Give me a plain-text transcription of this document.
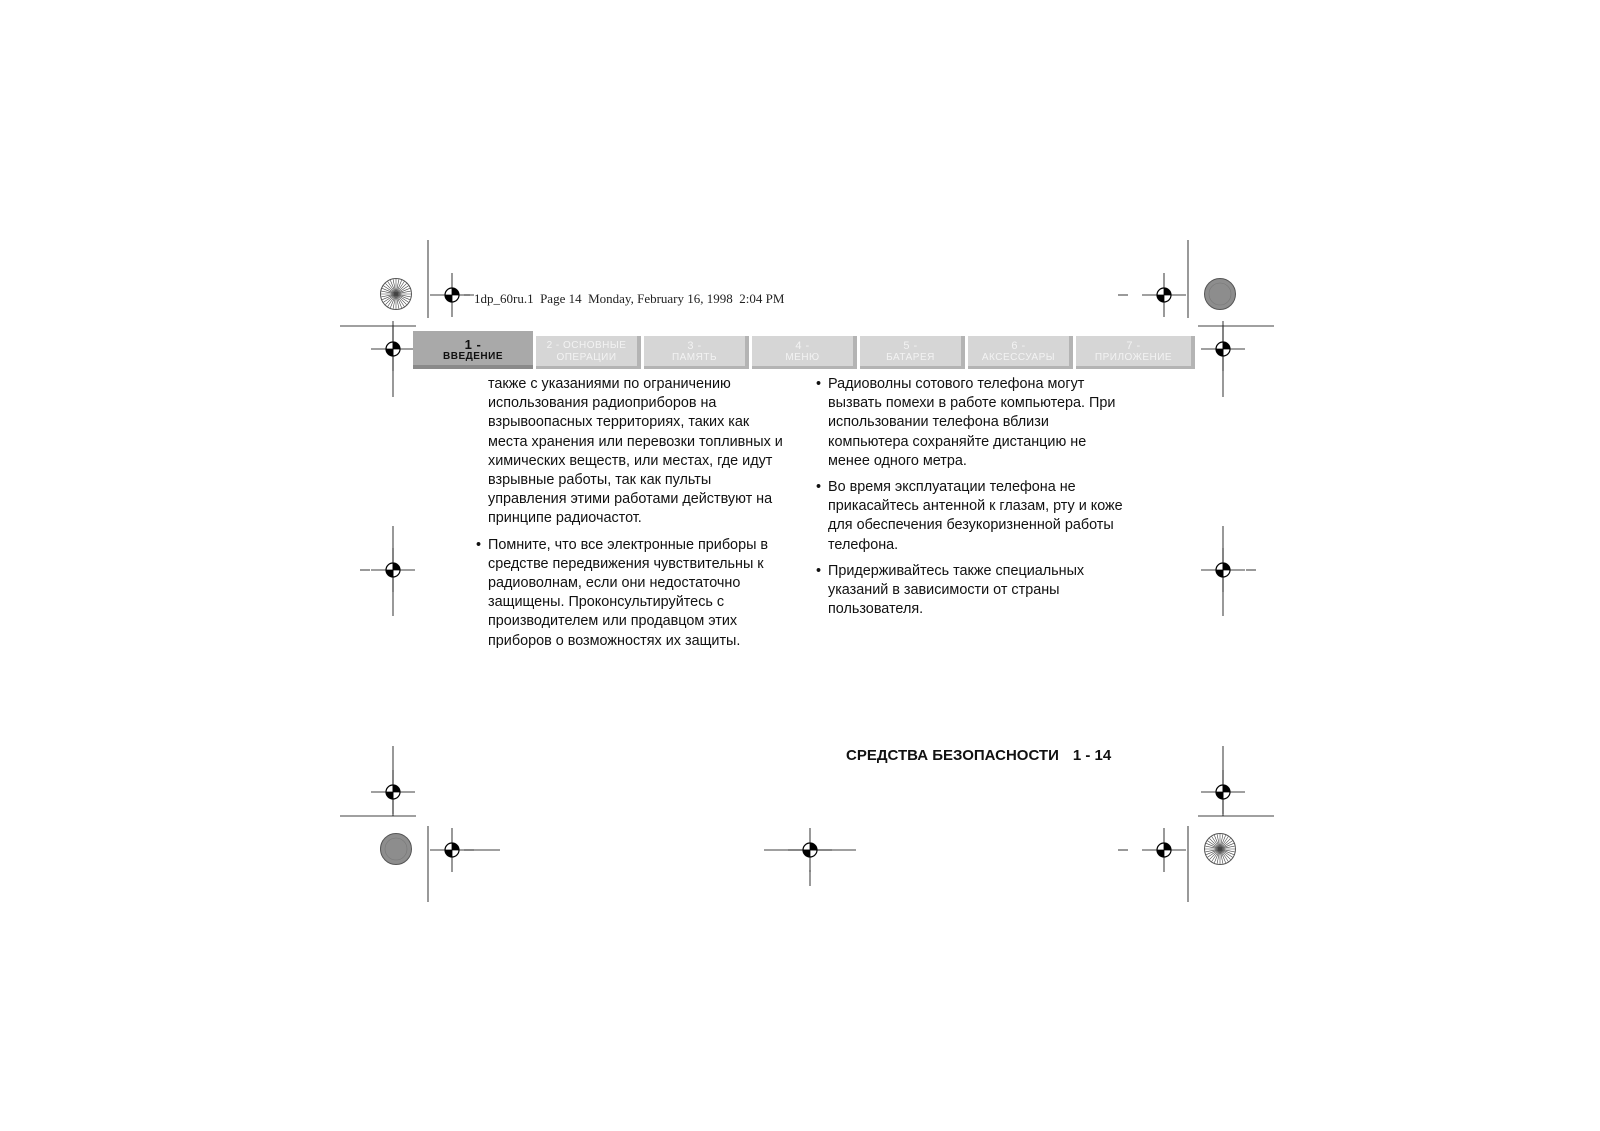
1dp_60ru.1  Page 14  Monday, February 16, 1998  2:04 PM
1 -
ВВЕДЕНИЕ
2 - ОСНОВНЫЕ ОПЕРАЦИИ
3 -
ПАМЯТЬ
4 -
МЕНЮ
5 -
БАТАРЕЯ
6 -
АКСЕССУАРЫ
7 -
ПРИЛОЖЕНИЕ

также с указаниями по ограничению использования радиоприборов на взрывоопасных территориях, таких как места хранения или перевозки топливных и химических веществ, или местах, где идут взрывные работы, так как пульты управления этими работами действуют на принципе радиочастот.

• Помните, что все электронные приборы в средстве передвижения чувствительны к радиоволнам, если они недостаточно защищены. Проконсультируйтесь с производителем или продавцом этих приборов о возможностях их защиты.
• Радиоволны сотового телефона могут вызвать помехи в работе компьютера. При использовании телефона вблизи компьютера сохраняйте дистанцию не менее одного метра.
• Во время эксплуатации телефона не прикасайтесь антенной к глазам, рту и коже для обеспечения безукоризненной работы телефона.
• Придерживайтесь также специальных указаний в зависимости от страны пользователя.
СРЕДСТВА БЕЗОПАСНОСТИ 1 - 14
